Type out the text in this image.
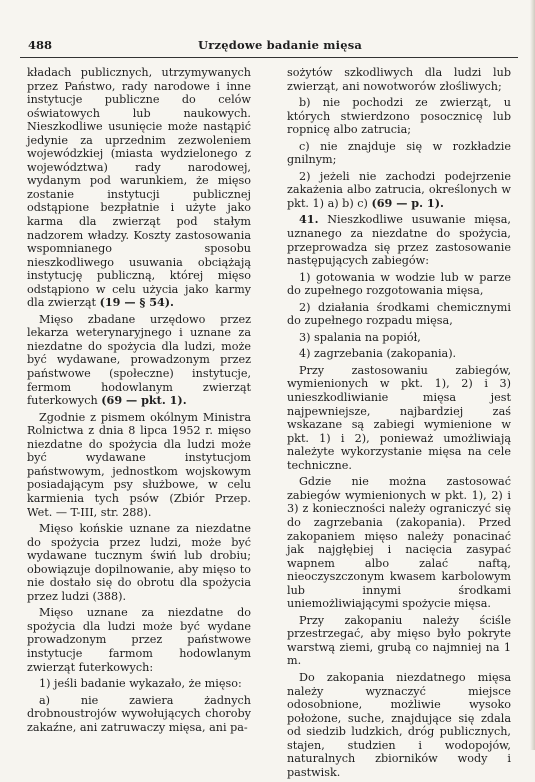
488	Urzędowe badanie mięsa

kładach publicznych, utrzymywanych przez Państwo, rady narodowe i inne instytucje publiczne do celów oświatowych lub naukowych. Nieszkodliwe usunięcie może nastąpić jedynie za uprzednim zezwoleniem wojewódzkiej (miasta wydzielonego z województwa) rady narodowej, wydanym pod warunkiem, że mięso zostanie instytucji publicznej odstąpione bezpłatnie i użyte jako karma dla zwierząt pod stałym nadzorem władzy. Koszty zastosowania wspomnianego sposobu nieszkodliwego usuwania obciążają instytucję publiczną, której mięso odstąpiono w celu użycia jako karmy dla zwierząt (19 — § 54).

Mięso zbadane urzędowo przez lekarza weterynaryjnego i uznane za niezdatne do spożycia dla ludzi, może być wydawane, prowadzonym przez państwowe (społeczne) instytucje, fermom hodowlanym zwierząt futerkowych (69 — pkt. 1).

Zgodnie z pismem okólnym Ministra Rolnictwa z dnia 8 lipca 1952 r. mięso niezdatne do spożycia dla ludzi może być wydawane instytucjom państwowym, jednostkom wojskowym posiadającym psy służbowe, w celu karmienia tych psów (Zbiór Przep. Wet. — T-III, str. 288).

Mięso końskie uznane za niezdatne do spożycia przez ludzi, może być wydawane tucznym świń lub drobiu; obowiązuje dopilnowanie, aby mięso to nie dostało się do obrotu dla spożycia przez ludzi (388).

Mięso uznane za niezdatne do spożycia dla ludzi może być wydane prowadzonym przez państwowe instytucje farmom hodowlanym zwierząt futerkowych:

1) jeśli badanie wykazało, że mięso:

a) nie zawiera żadnych drobnoustrojów wywołujących choroby zakaźne, ani zatruwaczy mięsa, ani pa-

sożytów szkodliwych dla ludzi lub zwierząt, ani nowotworów złośliwych;

b) nie pochodzi ze zwierząt, u których stwierdzono posocznicę lub ropnicę albo zatrucia;

c) nie znajduje się w rozkładzie gnilnym;

2) jeżeli nie zachodzi podejrzenie zakażenia albo zatrucia, określonych w pkt. 1) a) b) c) (69 — p. 1).

41. Nieszkodliwe usuwanie mięsa, uznanego za niezdatne do spożycia, przeprowadza się przez zastosowanie następujących zabiegów:

1) gotowania w wodzie lub w parze do zupełnego rozgotowania mięsa,

2) działania środkami chemicznymi do zupełnego rozpadu mięsa,

3) spalania na popiół,

4) zagrzebania (zakopania).

Przy zastosowaniu zabiegów, wymienionych w pkt. 1), 2) i 3) unieszkodliwianie mięsa jest najpewniejsze, najbardziej zaś wskazane są zabiegi wymienione w pkt. 1) i 2), ponieważ umożliwiają należyte wykorzystanie mięsa na cele techniczne.

Gdzie nie można zastosować zabiegów wymienionych w pkt. 1), 2) i 3) z konieczności należy ograniczyć się do zagrzebania (zakopania). Przed zakopaniem mięso należy ponacinać jak najgłębiej i nacięcia zasypać wapnem albo zalać naftą, nieoczyszczonym kwasem karbolowym lub innymi środkami uniemożliwiającymi spożycie mięsa.

Przy zakopaniu należy ściśle przestrzegać, aby mięso było pokryte warstwą ziemi, grubą co najmniej na 1 m.

Do zakopania niezdatnego mięsa należy wyznaczyć miejsce odosobnione, możliwie wysoko położone, suche, znajdujące się zdala od siedzib ludzkich, dróg publicznych, stajen, studzien i wodopojów, naturalnych zbiorników wody i pastwisk.
